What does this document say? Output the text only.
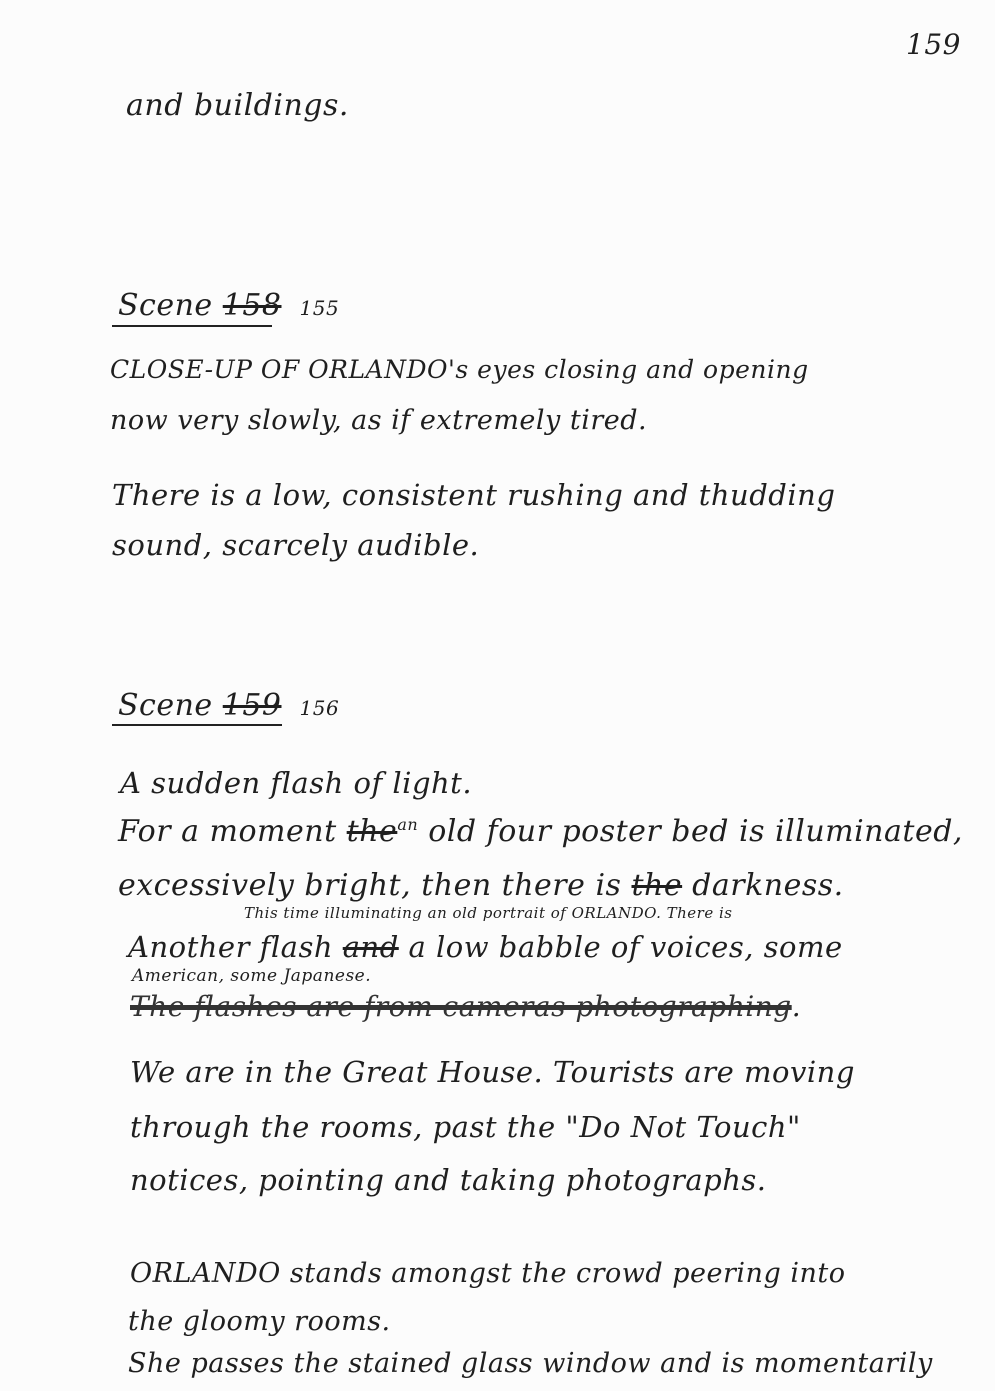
159
and buildings.
Scene 158 155
CLOSE-UP OF ORLANDO's eyes closing and opening
now very slowly, as if extremely tired.
There is a low, consistent rushing and thudding
sound, scarcely audible.
Scene 159 156
A sudden flash of light.
For a moment the$^{an}$ old four poster bed is illuminated,
excessively bright, then there is the darkness.
This time illuminating an old portrait of ORLANDO. There is
Another flash and a low babble of voices, some
American, some Japanese.
The flashes are from cameras photographing.
We are in the Great House. Tourists are moving
through the rooms, past the "Do Not Touch"
notices, pointing and taking photographs.
ORLANDO stands amongst the crowd peering into
the gloomy rooms.
She passes the stained glass window and is momentarily
